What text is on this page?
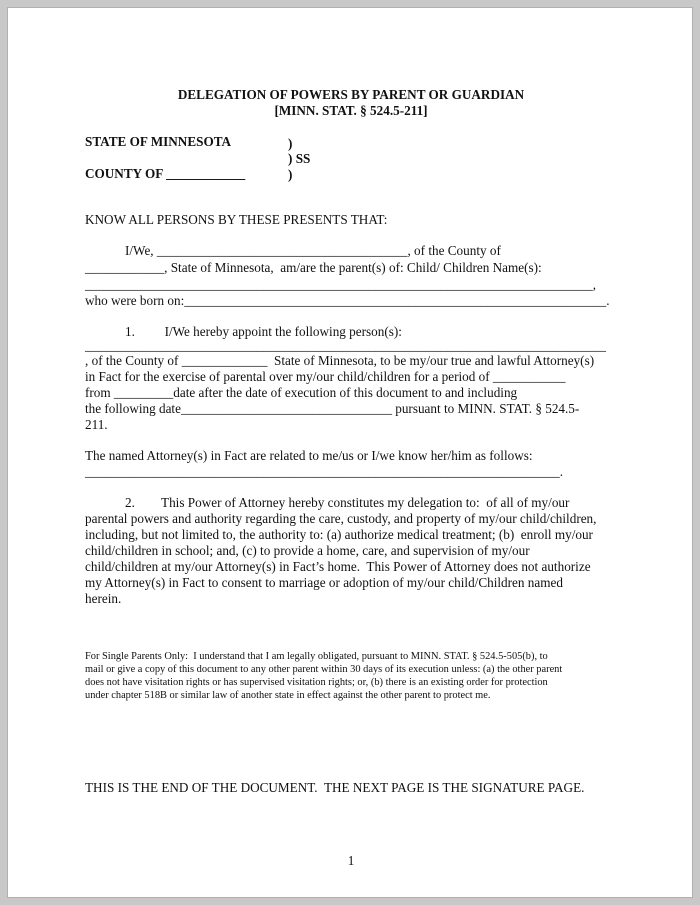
DELEGATION OF POWERS BY PARENT OR GUARDIAN
[MINN. STAT. § 524.5-211]
STATE OF MINNESOTA	)
) SS
COUNTY OF ____________	)
KNOW ALL PERSONS BY THESE PRESENTS THAT:
I/We, ______________________________________, of the County of
____________, State of Minnesota,  am/are the parent(s) of: Child/ Children Name(s):
_____________________________________________________________________________,
who were born on:________________________________________________________________.
1.         I/We hereby appoint the following person(s):
_______________________________________________________________________________
, of the County of _____________  State of Minnesota, to be my/our true and lawful Attorney(s)
in Fact for the exercise of parental over my/our child/children for a period of ___________
from _________date after the date of execution of this document to and including
the following date________________________________ pursuant to MINN. STAT. § 524.5-
211.
The named Attorney(s) in Fact are related to me/us or I/we know her/him as follows:
________________________________________________________________________.
2.        This Power of Attorney hereby constitutes my delegation to:  of all of my/our
parental powers and authority regarding the care, custody, and property of my/our child/children,
including, but not limited to, the authority to: (a) authorize medical treatment; (b)  enroll my/our
child/children in school; and, (c) to provide a home, care, and supervision of my/our
child/children at my/our Attorney(s) in Fact’s home.  This Power of Attorney does not authorize
my Attorney(s) in Fact to consent to marriage or adoption of my/our child/Children named
herein.
For Single Parents Only:  I understand that I am legally obligated, pursuant to MINN. STAT. § 524.5-505(b), to
mail or give a copy of this document to any other parent within 30 days of its execution unless: (a) the other parent
does not have visitation rights or has supervised visitation rights; or, (b) there is an existing order for protection
under chapter 518B or similar law of another state in effect against the other parent to protect me.
THIS IS THE END OF THE DOCUMENT.  THE NEXT PAGE IS THE SIGNATURE PAGE.
1
